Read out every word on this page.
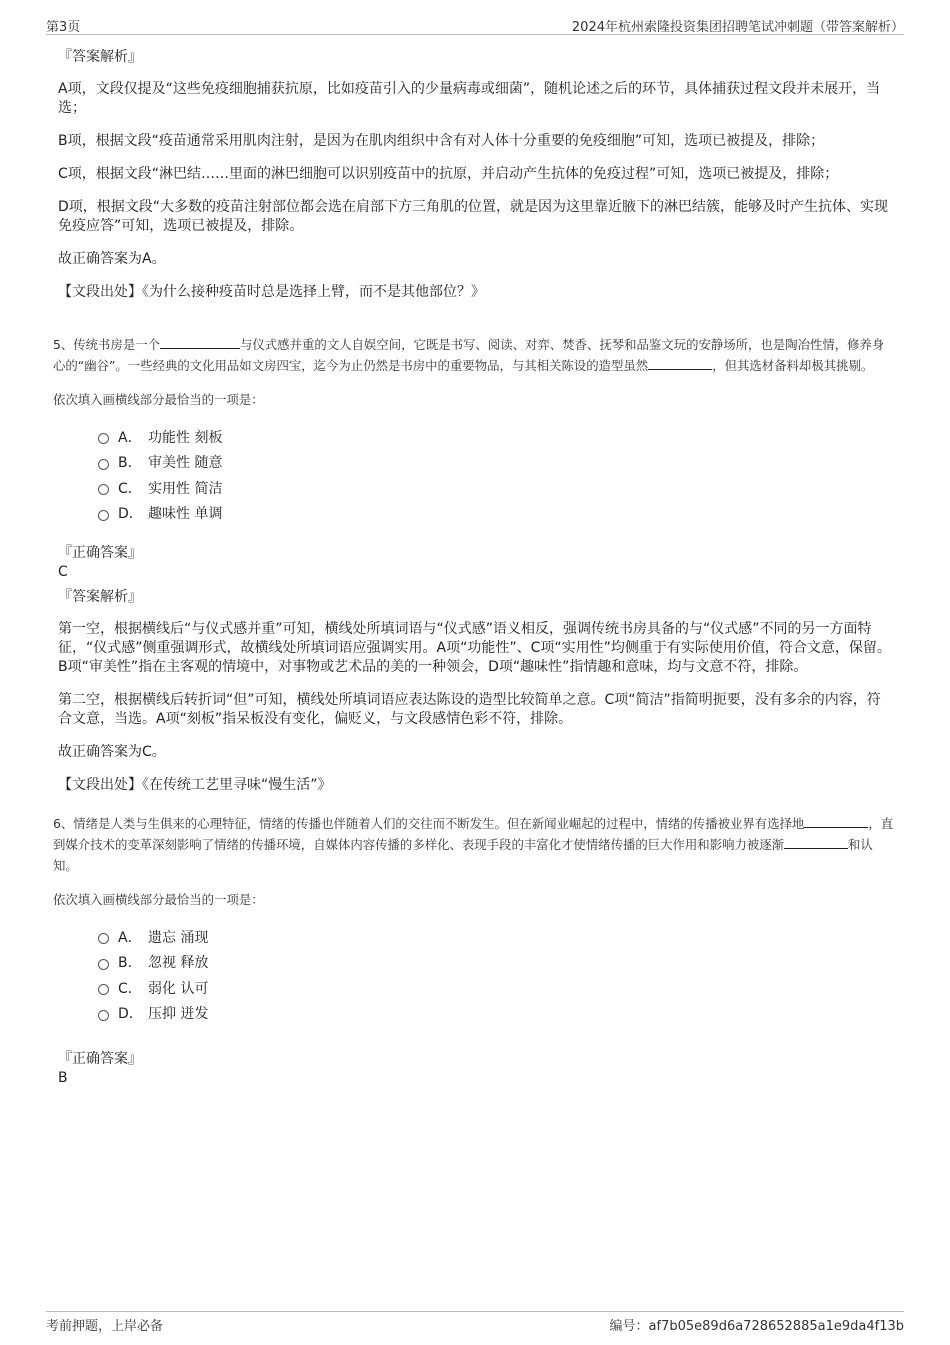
第3页	2024年杭州索隆投资集团招聘笔试冲刺题（带答案解析）

『答案解析』

A项，文段仅提及“这些免疫细胞捕获抗原，比如疫苗引入的少量病毒或细菌”，随机论述之后的环节，具体捕获过程文段并未展开，当选；

B项，根据文段“疫苗通常采用肌肉注射，是因为在肌肉组织中含有对人体十分重要的免疫细胞”可知，选项已被提及，排除；

C项，根据文段“淋巴结……里面的淋巴细胞可以识别疫苗中的抗原，并启动产生抗体的免疫过程”可知，选项已被提及，排除；

D项，根据文段“大多数的疫苗注射部位都会选在肩部下方三角肌的位置，就是因为这里靠近腋下的淋巴结簇，能够及时产生抗体、实现免疫应答”可知，选项已被提及，排除。

故正确答案为A。

【文段出处】《为什么接种疫苗时总是选择上臂，而不是其他部位？》

5、传统书房是一个	与仪式感并重的文人自娱空间，它既是书写、阅读、对弈、焚香、抚琴和品鉴文玩的安静场所，也是陶冶性情，修养身心的“幽谷”。一些经典的文化用品如文房四宝，迄今为止仍然是书房中的重要物品，与其相关陈设的造型虽然	，但其选材备料却极其挑剔。

依次填入画横线部分最恰当的一项是：

A． 功能性 刻板
B． 审美性 随意
C． 实用性 简洁
D． 趣味性 单调

『正确答案』

C

『答案解析』

第一空，根据横线后“与仪式感并重”可知，横线处所填词语与“仪式感”语义相反，强调传统书房具备的与“仪式感”不同的另一方面特征，“仪式感”侧重强调形式，故横线处所填词语应强调实用。A项“功能性”、C项“实用性”均侧重于有实际使用价值，符合文意，保留。B项“审美性”指在主客观的情境中，对事物或艺术品的美的一种领会，D项“趣味性”指情趣和意味，均与文意不符，排除。

第二空，根据横线后转折词“但”可知，横线处所填词语应表达陈设的造型比较简单之意。C项“简洁”指简明扼要，没有多余的内容，符合文意，当选。A项“刻板”指呆板没有变化，偏贬义，与文段感情色彩不符，排除。

故正确答案为C。

【文段出处】《在传统工艺里寻味“慢生活”》

6、情绪是人类与生俱来的心理特征，情绪的传播也伴随着人们的交往而不断发生。但在新闻业崛起的过程中，情绪的传播被业界有选择地	，直到媒介技术的变革深刻影响了情绪的传播环境，自媒体内容传播的多样化、表现手段的丰富化才使情绪传播的巨大作用和影响力被逐渐	和认知。

依次填入画横线部分最恰当的一项是：

A． 遗忘 涌现
B． 忽视 释放
C． 弱化 认可
D． 压抑 迸发

『正确答案』

B

考前押题，上岸必备	编号：af7b05e89d6a728652885a1e9da4f13b
